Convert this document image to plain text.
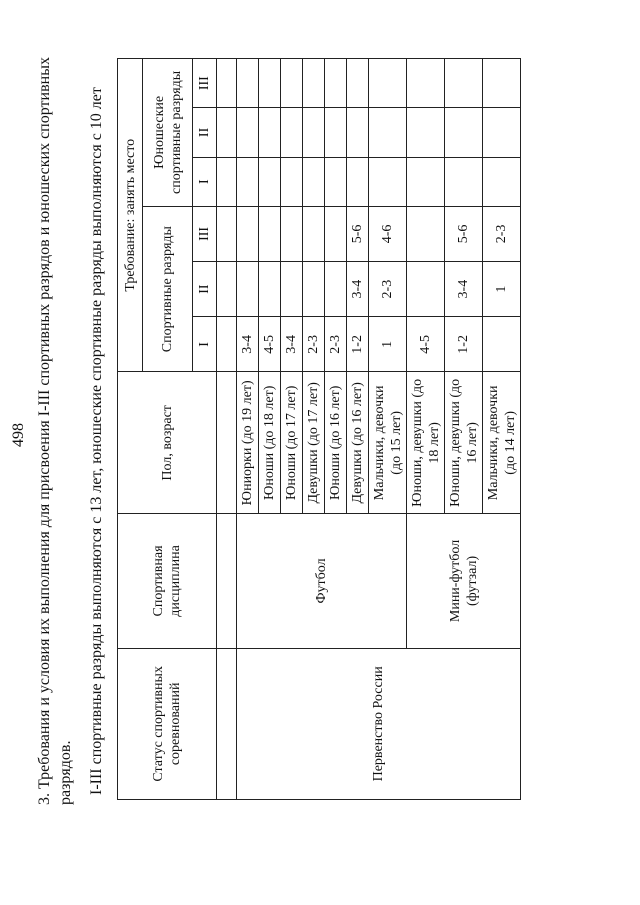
498 3. Требования и условия их выполнения для присвоения I-III спортивных разрядов и юношеских спортивных разрядов. I-III спортивные разряды выполняются с 13 лет, юношеские спортивные разряды выполняются с 10 лет	Статус спортивных соревнований	Спортивная дисциплина	Пол, возраст	Требование: занять место					
			Спортивные разряды			Юношеские спортивные разряды		
			I	II	III	I	II	III

Первенство России	Футбол	Юниорки (до 19 лет)	3-4					
		Юноши (до 18 лет)	4-5					
		Юноши (до 17 лет)	3-4					
		Девушки (до 17 лет)	2-3					
		Юноши (до 16 лет)	2-3					
		Девушки (до 16 лет)	1-2	3-4	5-6			
		Мальчики, девочки (до 15 лет)	1	2-3	4-6			
	Мини-футбол (футзал)	Юноши, девушки (до 18 лет)	4-5					
		Юноши, девушки (до 16 лет)	1-2	3-4	5-6			
		Мальчики, девочки (до 14 лет)		1	2-3			
